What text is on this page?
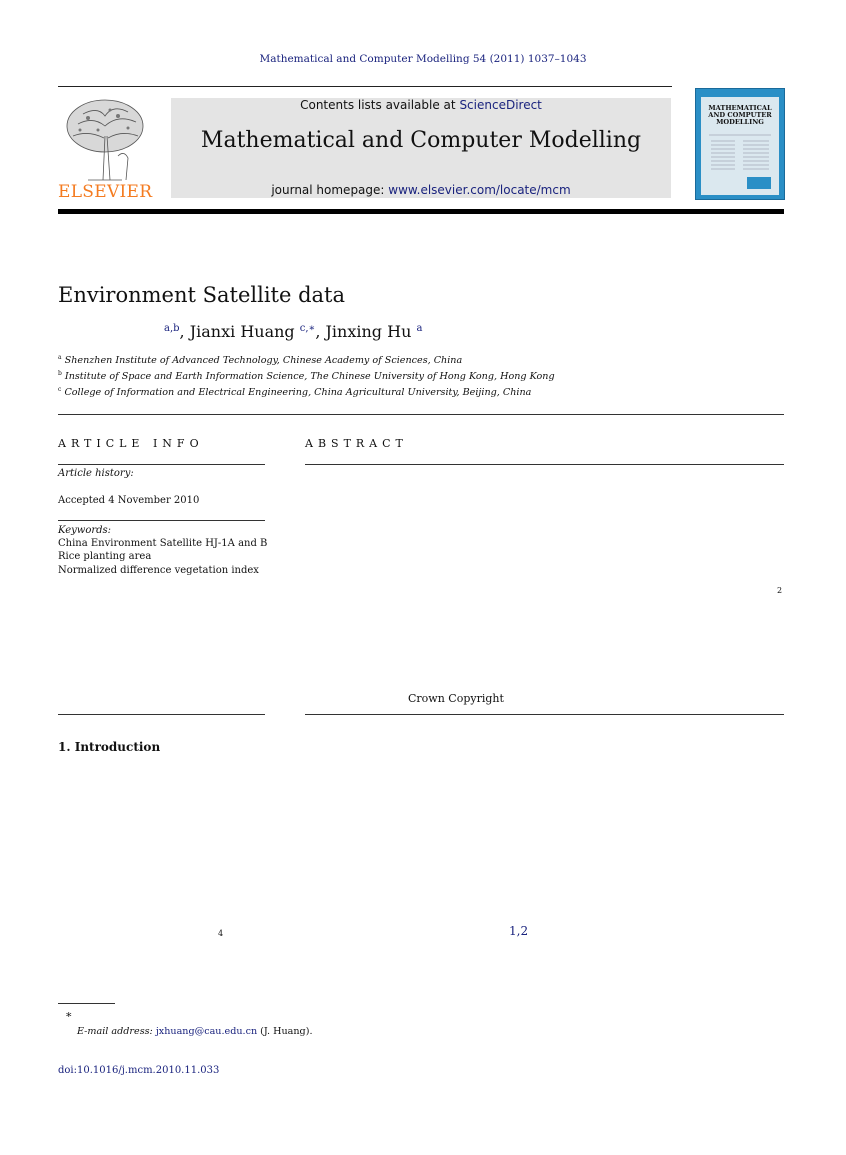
Mathematical and Computer Modelling 54 (2011) 1037–1043
ELSEVIER
Contents lists available at ScienceDirect
Mathematical and Computer Modelling
journal homepage: www.elsevier.com/locate/mcm
MATHEMATICAL
AND COMPUTER
MODELLING
Environment Satellite data
$^{a,b}$, Jianxi Huang $^{c,∗}$, Jinxing Hu $^a$
$^a$ Shenzhen Institute of Advanced Technology, Chinese Academy of Sciences, China
$^b$ Institute of Space and Earth Information Science, The Chinese University of Hong Kong, Hong Kong
$^c$ College of Information and Electrical Engineering, China Agricultural University, Beijing, China
ARTICLE INFO
Article history:
Accepted 4 November 2010
Keywords:
China Environment Satellite HJ-1A and B
Rice planting area
Normalized difference vegetation index
ABSTRACT
2
Crown Copyright
1. Introduction
4	1,2
∗
E-mail address: jxhuang@cau.edu.cn (J. Huang).
doi:10.1016/j.mcm.2010.11.033
